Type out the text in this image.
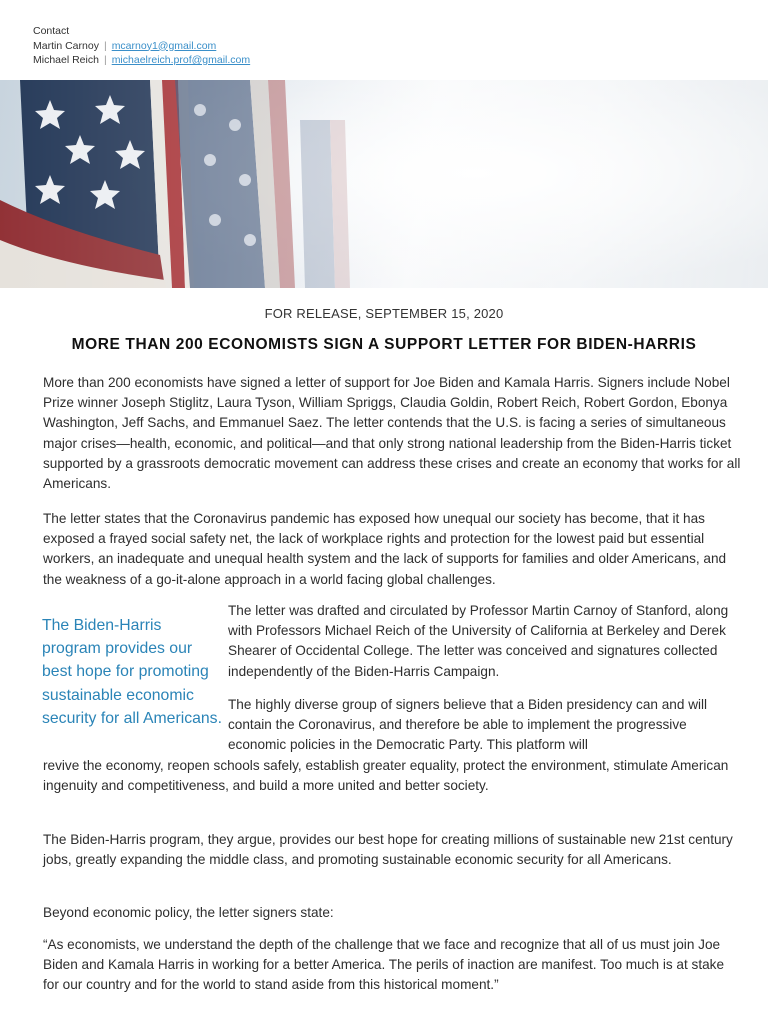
Contact
Martin Carnoy | mcarnoy1@gmail.com
Michael Reich | michaelreich.prof@gmail.com
FOR RELEASE, SEPTEMBER 15, 2020
MORE THAN 200 ECONOMISTS SIGN A SUPPORT LETTER FOR BIDEN-HARRIS

More than 200 economists have signed a letter of support for Joe Biden and Kamala Harris. Signers include Nobel Prize winner Joseph Stiglitz, Laura Tyson, William Spriggs, Claudia Goldin, Robert Reich, Robert Gordon, Ebonya Washington, Jeff Sachs, and Emmanuel Saez. The letter contends that the U.S. is facing a series of simultaneous major crises—health, economic, and political—and that only strong national leadership from the Biden-Harris ticket supported by a grassroots democratic movement can address these crises and create an economy that works for all Americans.

The letter states that the Coronavirus pandemic has exposed how unequal our society has become, that it has exposed a frayed social safety net, the lack of workplace rights and protection for the lowest paid but essential workers, an inadequate and unequal health system and the lack of supports for families and older Americans, and the weakness of a go-it-alone approach in a world facing global challenges.

The Biden-Harris program provides our best hope for promoting sustainable economic security for all Americans.

The letter was drafted and circulated by Professor Martin Carnoy of Stanford, along with Professors Michael Reich of the University of California at Berkeley and Derek Shearer of Occidental College. The letter was conceived and signatures collected independently of the Biden-Harris Campaign.

The highly diverse group of signers believe that a Biden presidency can and will contain the Coronavirus, and therefore be able to implement the progressive economic policies in the Democratic Party. This platform will

revive the economy, reopen schools safely, establish greater equality, protect the environment, stimulate American ingenuity and competitiveness, and build a more united and better society.

The Biden-Harris program, they argue, provides our best hope for creating millions of sustainable new 21st century jobs, greatly expanding the middle class, and promoting sustainable economic security for all Americans.

Beyond economic policy, the letter signers state:

“As economists, we understand the depth of the challenge that we face and recognize that all of us must join Joe Biden and Kamala Harris in working for a better America. The perils of inaction are manifest. Too much is at stake for our country and for the world to stand aside from this historical moment.”
